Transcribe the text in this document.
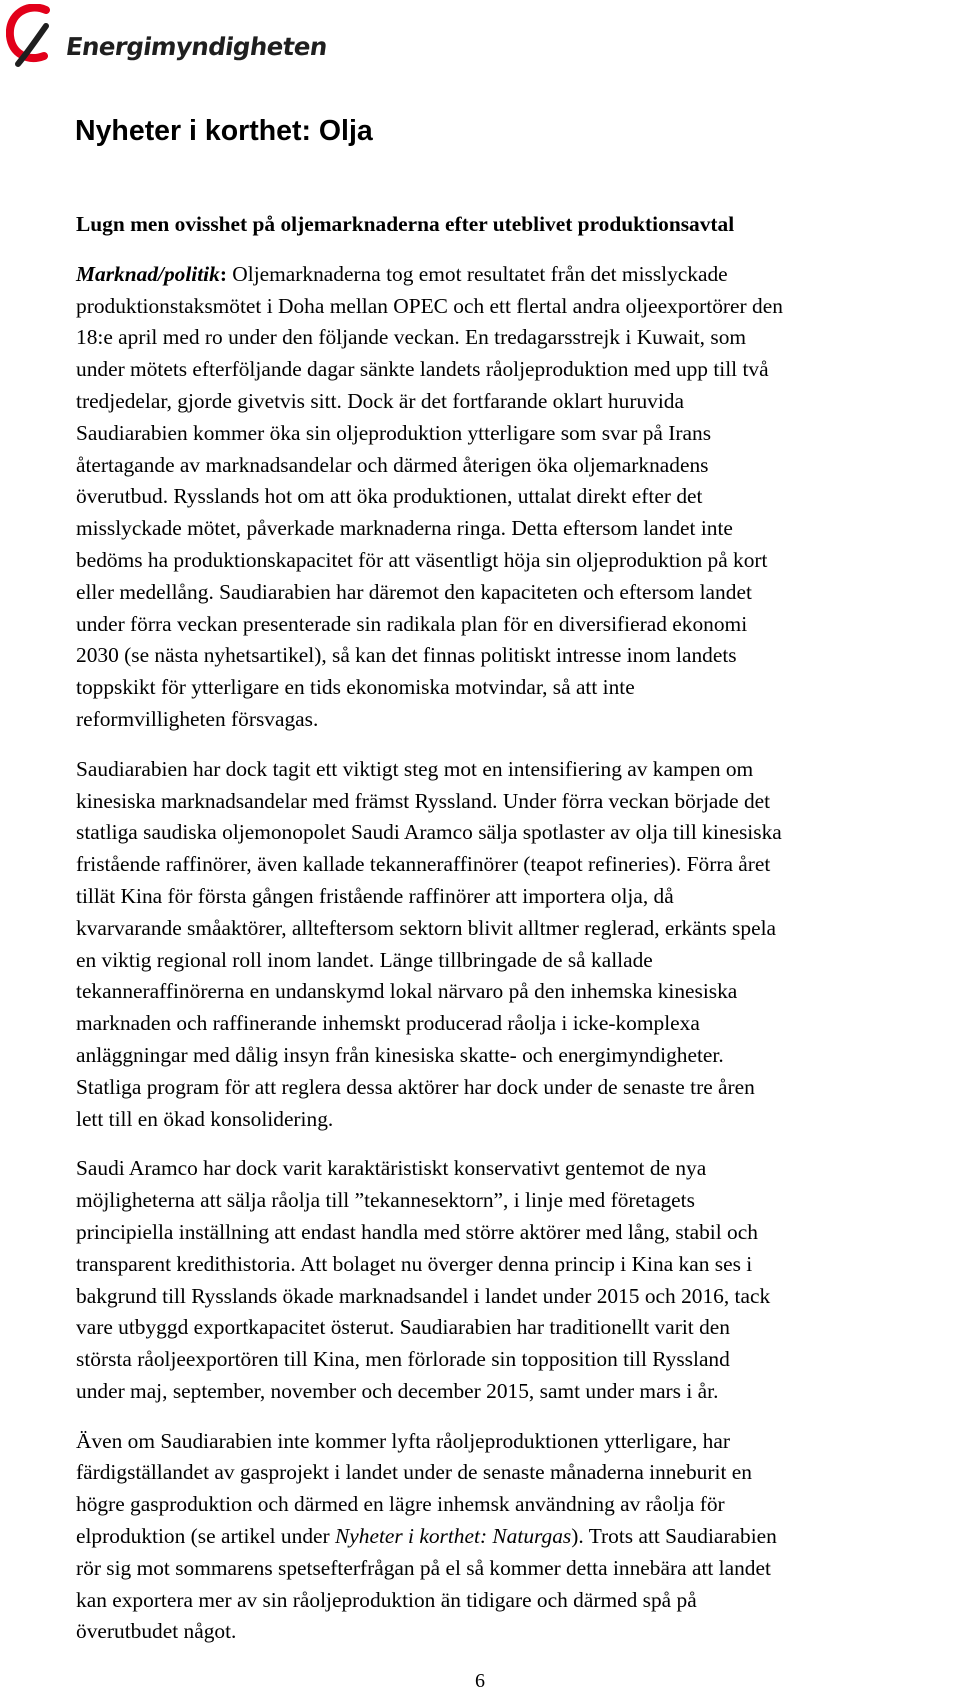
Energimyndigheten
Nyheter i korthet: Olja
Lugn men ovisshet på oljemarknaderna efter uteblivet produktionsavtal

Marknad/politik: Oljemarknaderna tog emot resultatet från det misslyckade
produktionstaksmötet i Doha mellan OPEC och ett flertal andra oljeexportörer den
18:e april med ro under den följande veckan. En tredagarsstrejk i Kuwait, som
under mötets efterföljande dagar sänkte landets råoljeproduktion med upp till två
tredjedelar, gjorde givetvis sitt. Dock är det fortfarande oklart huruvida
Saudiarabien kommer öka sin oljeproduktion ytterligare som svar på Irans
återtagande av marknadsandelar och därmed återigen öka oljemarknadens
överutbud. Rysslands hot om att öka produktionen, uttalat direkt efter det
misslyckade mötet, påverkade marknaderna ringa. Detta eftersom landet inte
bedöms ha produktionskapacitet för att väsentligt höja sin oljeproduktion på kort
eller medellång. Saudiarabien har däremot den kapaciteten och eftersom landet
under förra veckan presenterade sin radikala plan för en diversifierad ekonomi
2030 (se nästa nyhetsartikel), så kan det finnas politiskt intresse inom landets
toppskikt för ytterligare en tids ekonomiska motvindar, så att inte
reformvilligheten försvagas.

Saudiarabien har dock tagit ett viktigt steg mot en intensifiering av kampen om
kinesiska marknadsandelar med främst Ryssland. Under förra veckan började det
statliga saudiska oljemonopolet Saudi Aramco sälja spotlaster av olja till kinesiska
fristående raffinörer, även kallade tekanneraffinörer (teapot refineries). Förra året
tillät Kina för första gången fristående raffinörer att importera olja, då
kvarvarande småaktörer, allteftersom sektorn blivit alltmer reglerad, erkänts spela
en viktig regional roll inom landet. Länge tillbringade de så kallade
tekanneraffinörerna en undanskymd lokal närvaro på den inhemska kinesiska
marknaden och raffinerande inhemskt producerad råolja i icke-komplexa
anläggningar med dålig insyn från kinesiska skatte- och energimyndigheter.
Statliga program för att reglera dessa aktörer har dock under de senaste tre åren
lett till en ökad konsolidering.

Saudi Aramco har dock varit karaktäristiskt konservativt gentemot de nya
möjligheterna att sälja råolja till ”tekannesektorn”, i linje med företagets
principiella inställning att endast handla med större aktörer med lång, stabil och
transparent kredithistoria. Att bolaget nu överger denna princip i Kina kan ses i
bakgrund till Rysslands ökade marknadsandel i landet under 2015 och 2016, tack
vare utbyggd exportkapacitet österut. Saudiarabien har traditionellt varit den
största råoljeexportören till Kina, men förlorade sin topposition till Ryssland
under maj, september, november och december 2015, samt under mars i år.

Även om Saudiarabien inte kommer lyfta råoljeproduktionen ytterligare, har
färdigställandet av gasprojekt i landet under de senaste månaderna inneburit en
högre gasproduktion och därmed en lägre inhemsk användning av råolja för
elproduktion (se artikel under Nyheter i korthet: Naturgas). Trots att Saudiarabien
rör sig mot sommarens spetsefterfrågan på el så kommer detta innebära att landet
kan exportera mer av sin råoljeproduktion än tidigare och därmed spå på
överutbudet något.

6
